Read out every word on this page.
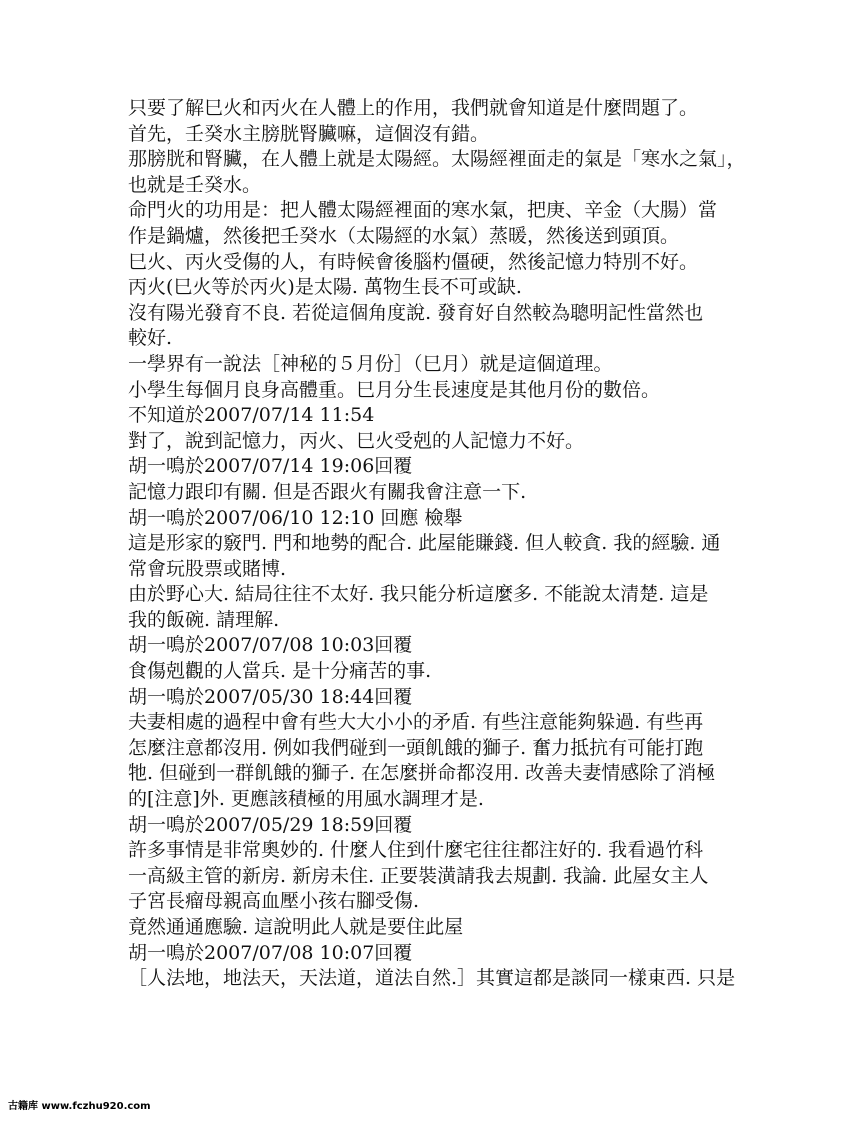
只要了解巳火和丙火在人體上的作用，我們就會知道是什麼問題了。
首先，壬癸水主膀胱腎臟嘛，這個沒有錯。
那膀胱和腎臟，在人體上就是太陽經。太陽經裡面走的氣是「寒水之氣」，
也就是壬癸水。
命門火的功用是：把人體太陽經裡面的寒水氣，把庚、辛金（大腸）當
作是鍋爐，然後把壬癸水（太陽經的水氣）蒸暖，然後送到頭頂。
巳火、丙火受傷的人，有時候會後腦杓僵硬，然後記憶力特別不好。
丙火(巳火等於丙火)是太陽. 萬物生長不可或缺.
沒有陽光發育不良. 若從這個角度說. 發育好自然較為聰明記性當然也
較好.
一學界有一說法［神秘的５月份］（巳月）就是這個道理。
小學生每個月良身高體重。巳月分生長速度是其他月份的數倍。
不知道於2007/07/14 11:54
對了，說到記憶力，丙火、巳火受剋的人記憶力不好。
胡一鳴於2007/07/14 19:06回覆
記憶力跟印有關. 但是否跟火有關我會注意一下.
胡一鳴於2007/06/10 12:10 回應 檢舉
這是形家的竅門. 門和地勢的配合. 此屋能賺錢. 但人較貪. 我的經驗. 通
常會玩股票或賭博.
由於野心大. 結局往往不太好. 我只能分析這麼多. 不能說太清楚. 這是
我的飯碗. 請理解.
胡一鳴於2007/07/08 10:03回覆
食傷剋觀的人當兵. 是十分痛苦的事.
胡一鳴於2007/05/30 18:44回覆
夫妻相處的過程中會有些大大小小的矛盾. 有些注意能夠躲過. 有些再
怎麼注意都沒用. 例如我們碰到一頭飢餓的獅子. 奮力抵抗有可能打跑
牠. 但碰到一群飢餓的獅子. 在怎麼拼命都沒用. 改善夫妻情感除了消極
的[注意]外. 更應該積極的用風水調理才是.
胡一鳴於2007/05/29 18:59回覆
許多事情是非常奧妙的. 什麼人住到什麼宅往往都注好的. 我看過竹科
一高級主管的新房. 新房未住. 正要裝潢請我去規劃. 我論. 此屋女主人
子宮長瘤母親高血壓小孩右腳受傷.
竟然通通應驗. 這說明此人就是要住此屋
胡一鳴於2007/07/08 10:07回覆
［人法地，地法天，天法道，道法自然.］其實這都是談同一樣東西. 只是
古籍库 www.fczhu920.com
